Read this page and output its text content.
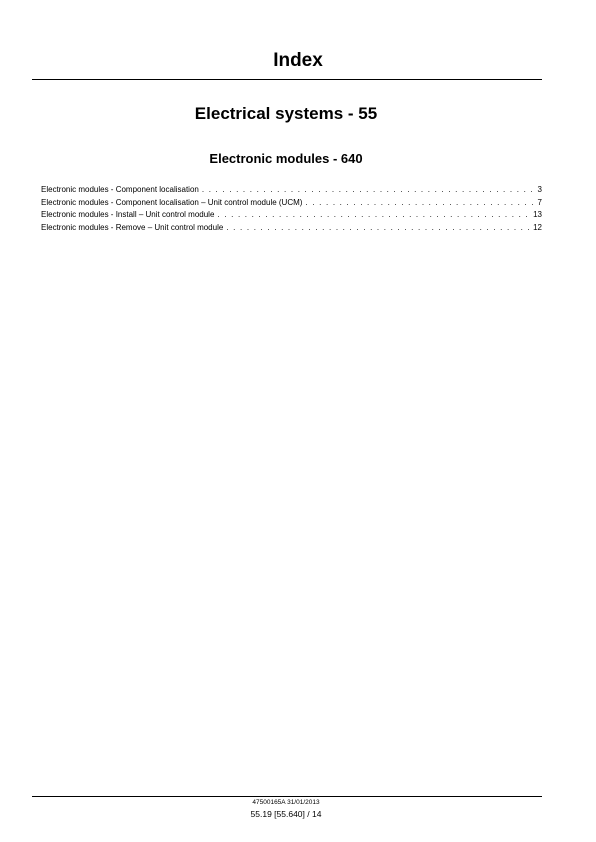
Index
Electrical systems - 55
Electronic modules - 640
Electronic modules - Component localisation . . .	3
Electronic modules - Component localisation – Unit control module (UCM) . . .	7
Electronic modules - Install – Unit control module . . .	13
Electronic modules - Remove – Unit control module . . .	12
47500165A 31/01/2013
55.19 [55.640] / 14
